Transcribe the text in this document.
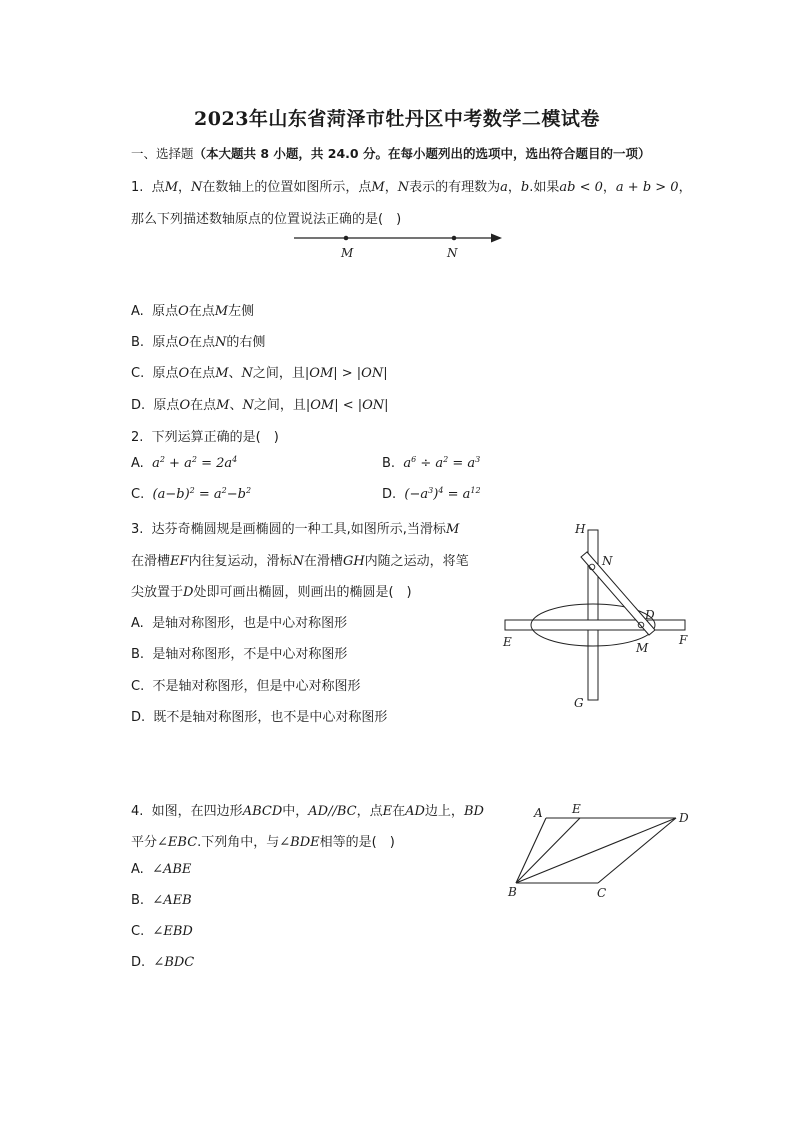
2023年山东省菏泽市牡丹区中考数学二模试卷
一、选择题（本大题共 8 小题，共 24.0 分。在每小题列出的选项中，选出符合题目的一项）
1. 点M，N在数轴上的位置如图所示，点M，N表示的有理数为a，b.如果ab < 0，a + b > 0，
那么下列描述数轴原点的位置说法正确的是(　)
M	N
A. 原点O在点M左侧
B. 原点O在点N的右侧
C. 原点O在点M、N之间，且|OM| > |ON|
D. 原点O在点M、N之间，且|OM| < |ON|
2. 下列运算正确的是(　)
A. $a^2 + a^2 = 2a^4$	B. $a^6 \div a^2 = a^3$
C. $(a-b)^2 = a^2-b^2$	D. $(-a^3)^4 = a^{12}$
3. 达芬奇椭圆规是画椭圆的一种工具,如图所示,当滑标M
在滑槽EF内往复运动，滑标N在滑槽GH内随之运动，将笔
尖放置于D处即可画出椭圆，则画出的椭圆是(　)
A. 是轴对称图形，也是中心对称图形
B. 是轴对称图形，不是中心对称图形
C. 不是轴对称图形，但是中心对称图形
D. 既不是轴对称图形，也不是中心对称图形
H
N
D
E	F
M
G
4. 如图，在四边形ABCD中，AD//BC，点E在AD边上，BD
平分∠EBC.下列角中，与∠BDE相等的是(　)
A. ∠ABE
B. ∠AEB
C. ∠EBD
D. ∠BDC
A E
D
B	C
